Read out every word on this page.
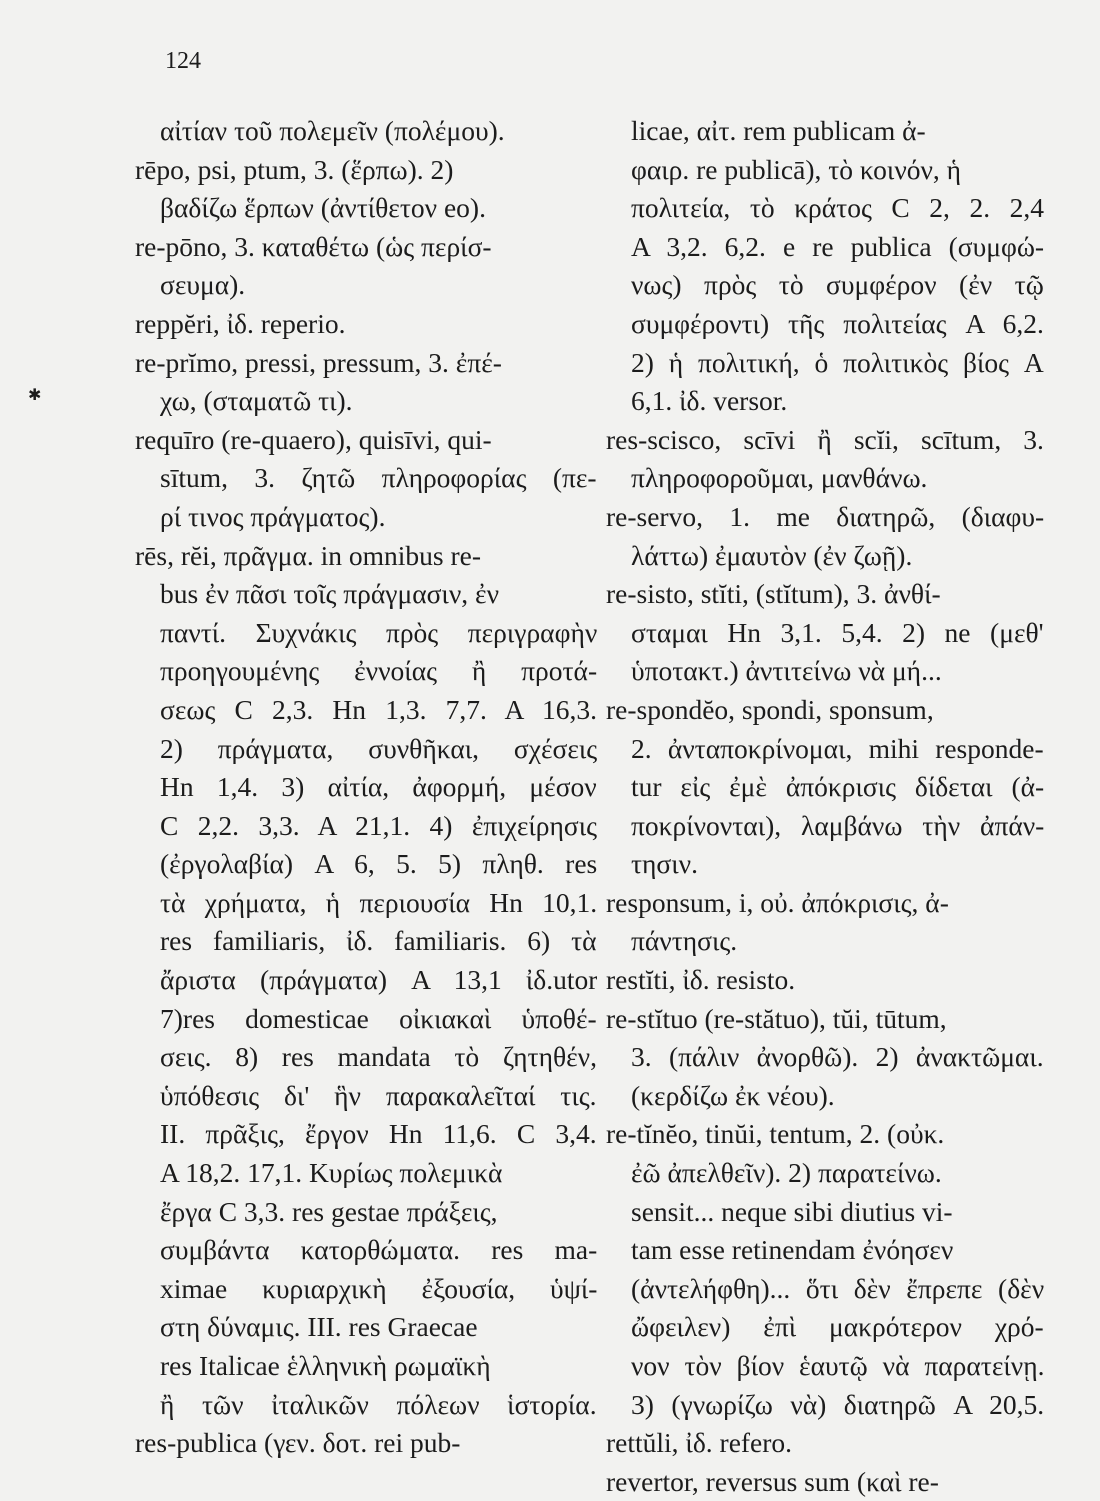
124
✱
αἰτίαν τοῦ πολεμεῖν (πολέμου).
rēpo, psi, ptum, 3. (ἕρπω). 2)
βαδίζω ἕρπων (ἀντίθετον eo).
re-pōno, 3. καταθέτω (ὡς περίσ-
σευμα).
reppĕri, ἰδ. reperio.
re-prĭmo, pressi, pressum, 3. ἐπέ-
χω, (σταματῶ τι).
requīro (re-quaero), quisīvi, qui-
sītum, 3. ζητῶ πληροφορίας (πε-
ρί τινος πράγματος).
rēs, rĕi, πρᾶγμα. in omnibus re-
bus ἐν πᾶσι τοῖς πράγμασιν, ἐν
παντί. Συχνάκις πρὸς περιγραφὴν
προηγουμένης ἐννοίας ἢ προτά-
σεως C 2,3. Hn 1,3. 7,7. A 16,3.
2) πράγματα, συνθῆκαι, σχέσεις
Hn 1,4. 3) αἰτία, ἀφορμή, μέσον
C 2,2. 3,3. A 21,1. 4) ἐπιχείρησις
(ἐργολαβία) A 6, 5. 5) πληθ. res
τὰ χρήματα, ἡ περιουσία Hn 10,1.
res familiaris, ἰδ. familiaris. 6) τὰ
ἄριστα (πράγματα) A 13,1 ἰδ.utor
7)res domesticae οἰκιακαὶ ὑποθέ-
σεις. 8) res mandata τὸ ζητηθέν,
ὑπόθεσις δι' ἣν παρακαλεῖταί τις.
II. πρᾶξις, ἔργον Hn 11,6. C 3,4.
A 18,2. 17,1. Κυρίως πολεμικὰ
ἔργα C 3,3. res gestae πράξεις,
συμβάντα κατορθώματα. res ma-
ximae κυριαρχικὴ ἐξουσία, ὑψί-
στη δύναμις. III. res Graecae
res Italicae ἑλληνικὴ ρωμαϊκὴ
ἢ τῶν ἰταλικῶν πόλεων ἱστορία.
res-publica (γεν. δοτ. rei pub-
licae, αἰτ. rem publicam ἀ-
φαιρ. re publicā), τὸ κοινόν, ἡ
πολιτεία, τὸ κράτος C 2, 2. 2,4
A 3,2. 6,2. e re publica (συμφώ-
νως) πρὸς τὸ συμφέρον (ἐν τῷ
συμφέροντι) τῆς πολιτείας A 6,2.
2) ἡ πολιτική, ὁ πολιτικὸς βίος A
6,1. ἰδ. versor.
res-scisco, scīvi ἢ scĭi, scītum, 3.
πληροφοροῦμαι, μανθάνω.
re-servo, 1. me διατηρῶ, (διαφυ-
λάττω) ἐμαυτὸν (ἐν ζωῇ).
re-sisto, stĭti, (stĭtum), 3. ἀνθί-
σταμαι Hn 3,1. 5,4. 2) ne (μεθ'
ὑποτακτ.) ἀντιτείνω νὰ μή...
re-spondĕo, spondi, sponsum,
2. ἀνταποκρίνομαι, mihi responde-
tur εἰς ἐμὲ ἀπόκρισις δίδεται (ἀ-
ποκρίνονται), λαμβάνω τὴν ἀπάν-
τησιν.
responsum, i, οὐ. ἀπόκρισις, ἀ-
πάντησις.
restĭti, ἰδ. resisto.
re-stĭtuo (re-stătuo), tŭi, tūtum,
3. (πάλιν ἀνορθῶ). 2) ἀνακτῶμαι.
(κερδίζω ἐκ νέου).
re-tĭnĕo, tinŭi, tentum, 2. (οὐκ.
ἐῶ ἀπελθεῖν). 2) παρατείνω.
sensit... neque sibi diutius vi-
tam esse retinendam ἐνόησεν
(ἀντελήφθη)... ὅτι δὲν ἔπρεπε (δὲν
ὤφειλεν) ἐπὶ μακρότερον χρό-
νον τὸν βίον ἑαυτῷ νὰ παρατείνῃ.
3) (γνωρίζω νὰ) διατηρῶ A 20,5.
rettŭli, ἰδ. refero.
revertor, reversus sum (καὶ re-
